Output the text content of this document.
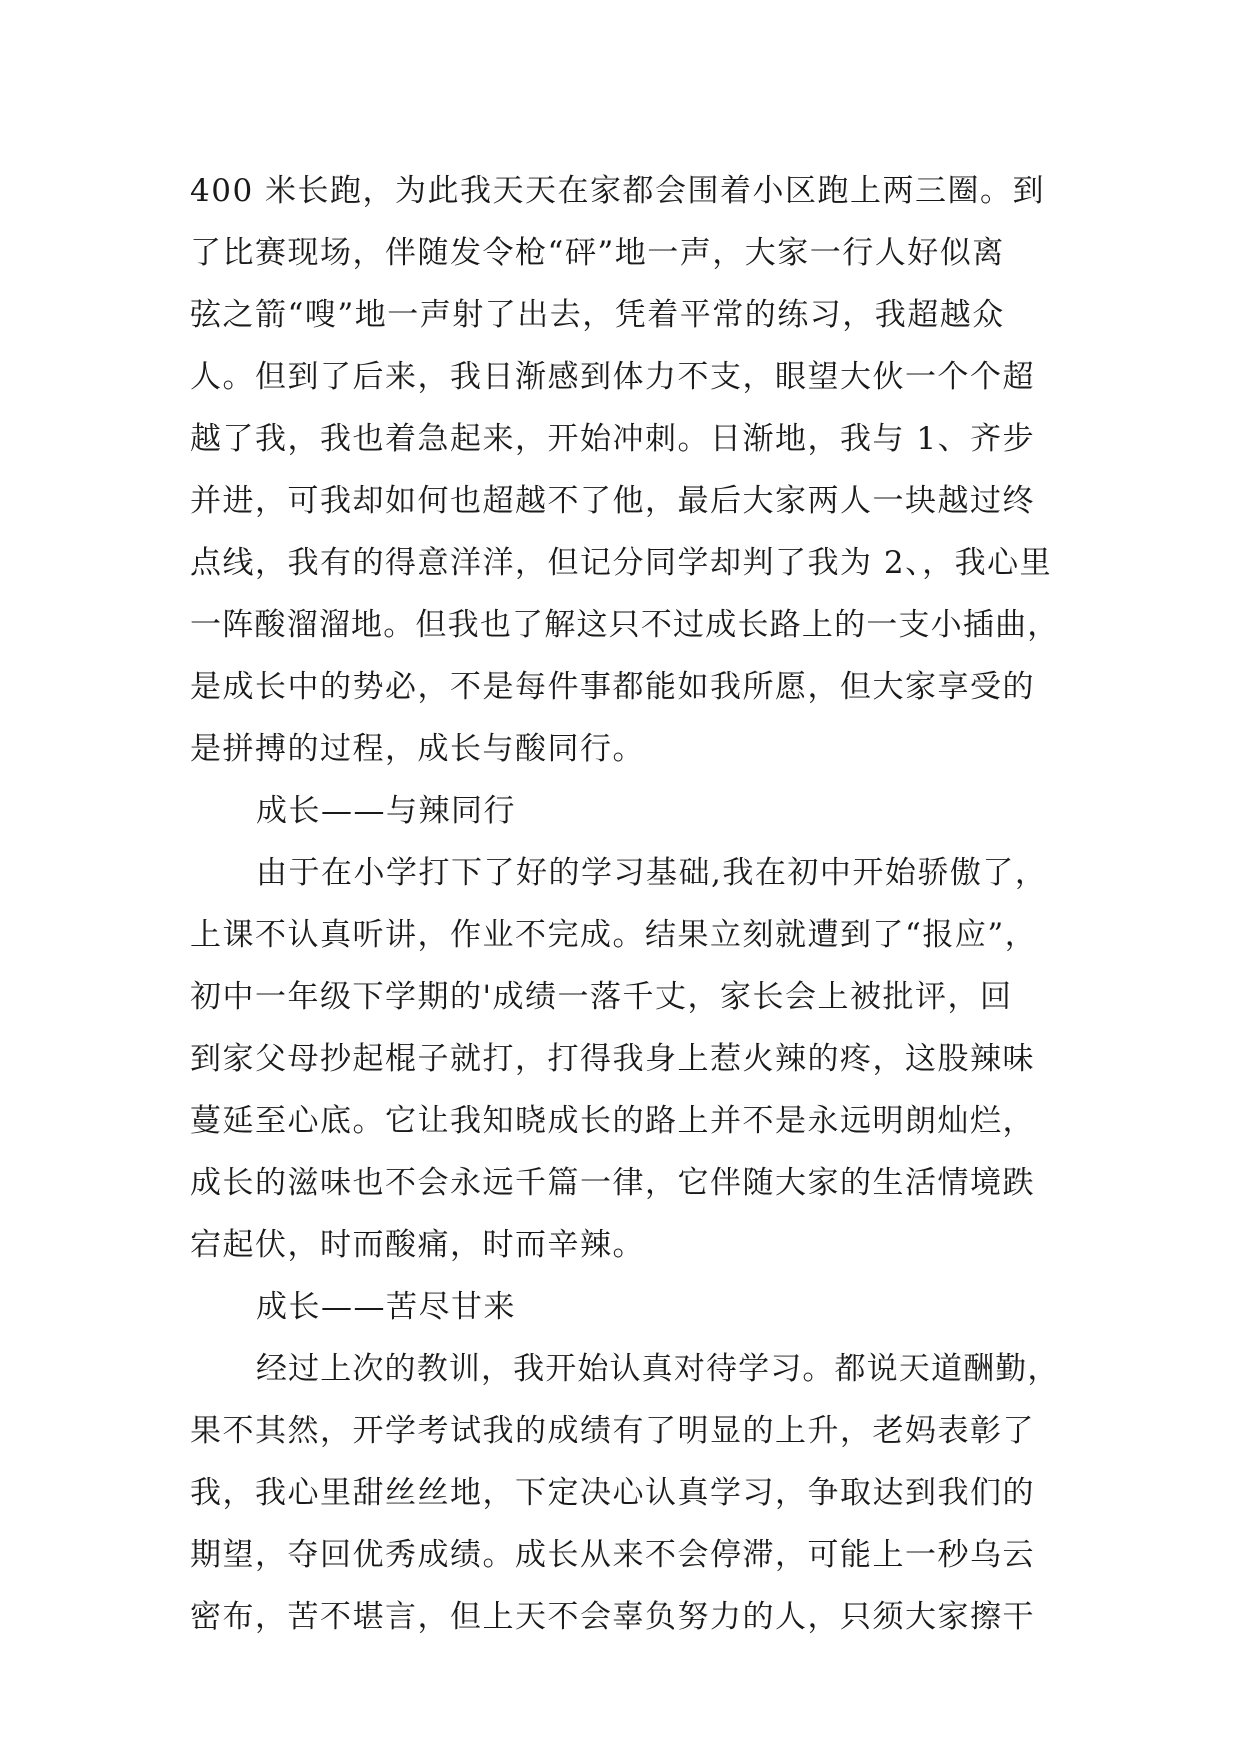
400 米长跑，为此我天天在家都会围着小区跑上两三圈。到
了比赛现场，伴随发令枪“砰”地一声，大家一行人好似离
弦之箭“嗖”地一声射了出去，凭着平常的练习，我超越众
人。但到了后来，我日渐感到体力不支，眼望大伙一个个超
越了我，我也着急起来，开始冲刺。日渐地，我与 1、齐步
并进，可我却如何也超越不了他，最后大家两人一块越过终
点线，我有的得意洋洋，但记分同学却判了我为 2、，我心里
一阵酸溜溜地。但我也了解这只不过成长路上的一支小插曲，
是成长中的势必，不是每件事都能如我所愿，但大家享受的
是拼搏的过程，成长与酸同行。
成长——与辣同行
由于在小学打下了好的学习基础,我在初中开始骄傲了，
上课不认真听讲，作业不完成。结果立刻就遭到了“报应”，
初中一年级下学期的'成绩一落千丈，家长会上被批评，回
到家父母抄起棍子就打，打得我身上惹火辣的疼，这股辣味
蔓延至心底。它让我知晓成长的路上并不是永远明朗灿烂，
成长的滋味也不会永远千篇一律，它伴随大家的生活情境跌
宕起伏，时而酸痛，时而辛辣。
成长——苦尽甘来
经过上次的教训，我开始认真对待学习。都说天道酬勤，
果不其然，开学考试我的成绩有了明显的上升，老妈表彰了
我，我心里甜丝丝地，下定决心认真学习，争取达到我们的
期望，夺回优秀成绩。成长从来不会停滞，可能上一秒乌云
密布，苦不堪言，但上天不会辜负努力的人，只须大家擦干
